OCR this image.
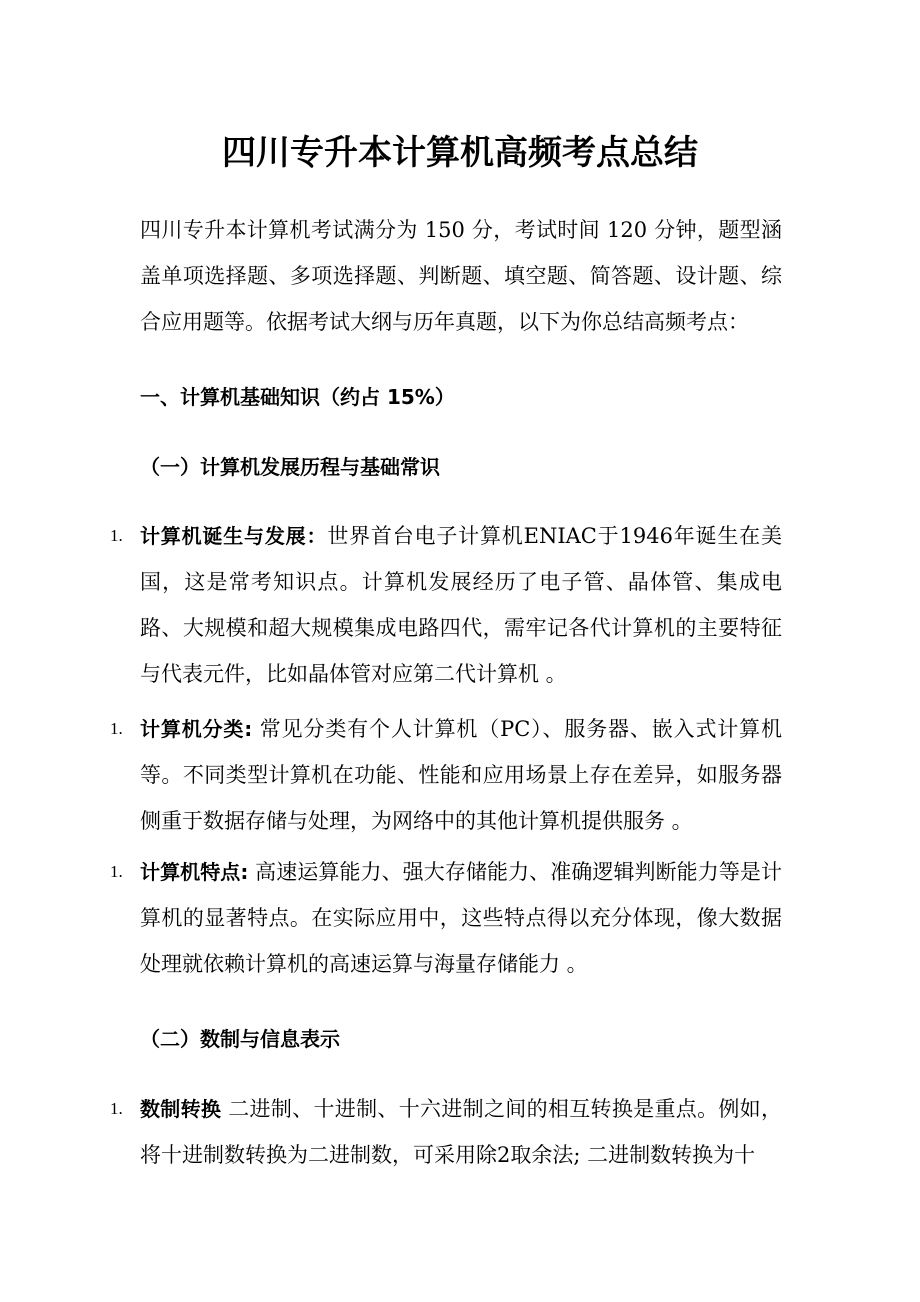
四川专升本计算机高频考点总结
四川专升本计算机考试满分为 150 分，考试时间 120 分钟，题型涵盖单项选择题、多项选择题、判断题、填空题、简答题、设计题、综合应用题等。依据考试大纲与历年真题，以下为你总结高频考点：
一、计算机基础知识（约占 15%）
（一）计算机发展历程与基础常识
1. 计算机诞生与发展：世界首台电子计算机ENIAC于1946年诞生在美国，这是常考知识点。计算机发展经历了电子管、晶体管、集成电路、大规模和超大规模集成电路四代，需牢记各代计算机的主要特征与代表元件，比如晶体管对应第二代计算机 。
1. 计算机分类: 常见分类有个人计算机（PC）、服务器、嵌入式计算机等。不同类型计算机在功能、性能和应用场景上存在差异，如服务器侧重于数据存储与处理，为网络中的其他计算机提供服务 。
1. 计算机特点: 高速运算能力、强大存储能力、准确逻辑判断能力等是计算机的显著特点。在实际应用中，这些特点得以充分体现，像大数据处理就依赖计算机的高速运算与海量存储能力 。
（二）数制与信息表示
1. 数制转换 二进制、十进制、十六进制之间的相互转换是重点。例如，将十进制数转换为二进制数，可采用除2取余法; 二进制数转换为十
